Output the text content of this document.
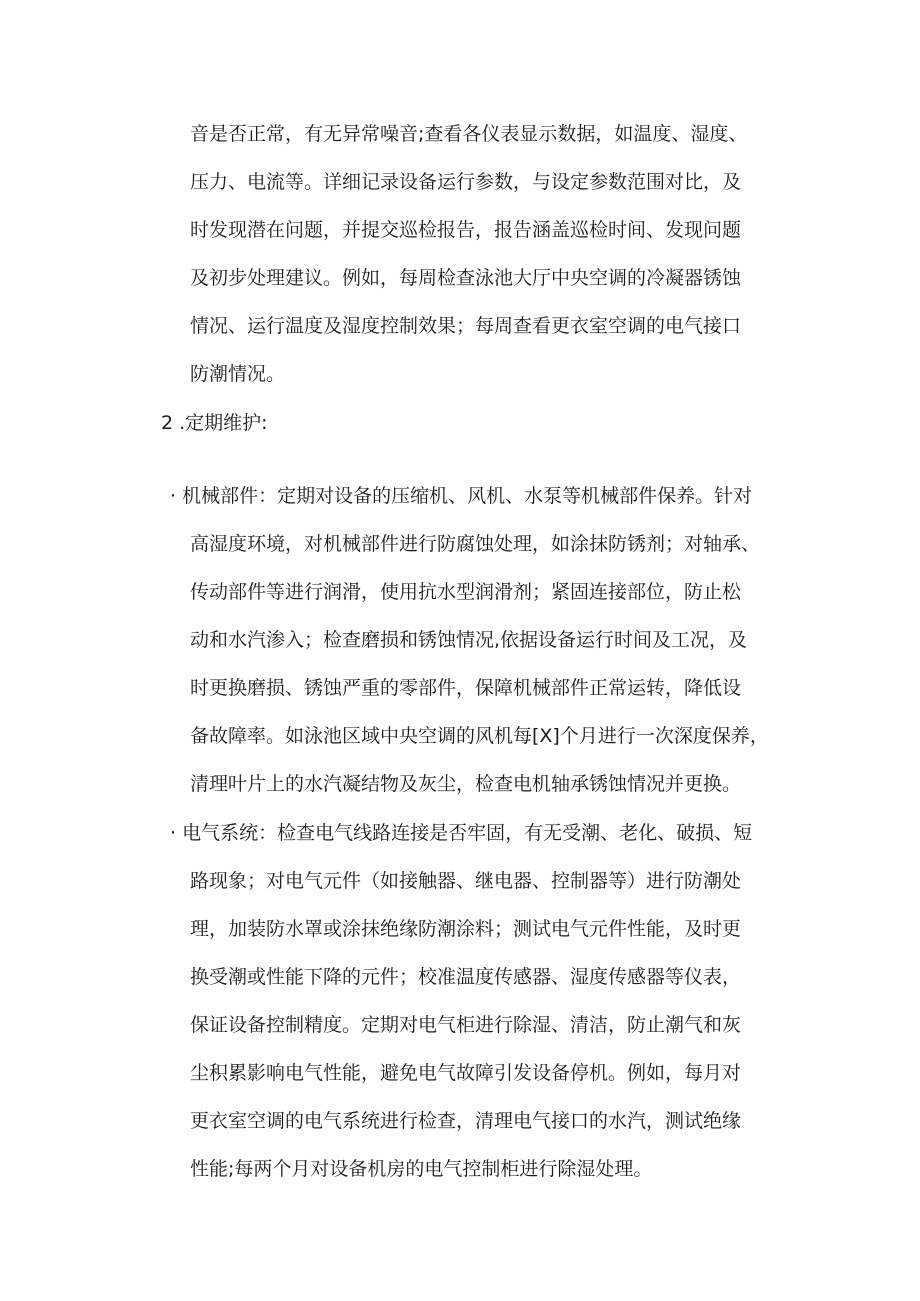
音是否正常，有无异常噪音;查看各仪表显示数据，如温度、湿度、

压力、电流等。详细记录设备运行参数，与设定参数范围对比，及

时发现潜在问题，并提交巡检报告，报告涵盖巡检时间、发现问题

及初步处理建议。例如，每周检查泳池大厅中央空调的冷凝器锈蚀

情况、运行温度及湿度控制效果；每周查看更衣室空调的电气接口

防潮情况。

2 .定期维护:

· 机械部件：定期对设备的压缩机、风机、水泵等机械部件保养。针对

高湿度环境，对机械部件进行防腐蚀处理，如涂抹防锈剂；对轴承、

传动部件等进行润滑，使用抗水型润滑剂；紧固连接部位，防止松

动和水汽渗入；检查磨损和锈蚀情况,依据设备运行时间及工况，及

时更换磨损、锈蚀严重的零部件，保障机械部件正常运转，降低设

备故障率。如泳池区域中央空调的风机每[X]个月进行一次深度保养，

清理叶片上的水汽凝结物及灰尘，检查电机轴承锈蚀情况并更换。

· 电气系统：检查电气线路连接是否牢固，有无受潮、老化、破损、短

路现象；对电气元件（如接触器、继电器、控制器等）进行防潮处

理，加装防水罩或涂抹绝缘防潮涂料；测试电气元件性能，及时更

换受潮或性能下降的元件；校准温度传感器、湿度传感器等仪表，

保证设备控制精度。定期对电气柜进行除湿、清洁，防止潮气和灰

尘积累影响电气性能，避免电气故障引发设备停机。例如，每月对

更衣室空调的电气系统进行检查，清理电气接口的水汽，测试绝缘

性能;每两个月对设备机房的电气控制柜进行除湿处理。
